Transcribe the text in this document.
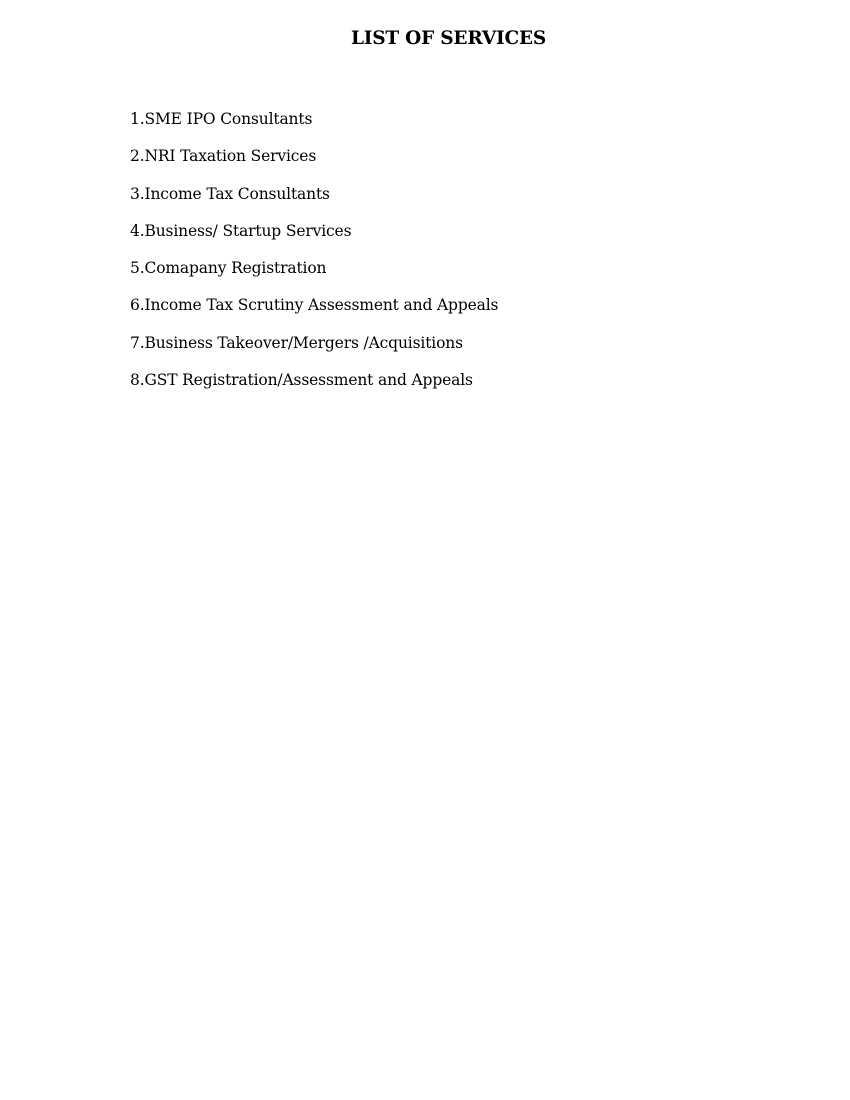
LIST OF SERVICES
1.SME IPO Consultants
2.NRI Taxation Services
3.Income Tax Consultants
4.Business/ Startup Services
5.Comapany Registration
6.Income Tax Scrutiny Assessment and Appeals
7.Business Takeover/Mergers /Acquisitions
8.GST Registration/Assessment and Appeals
